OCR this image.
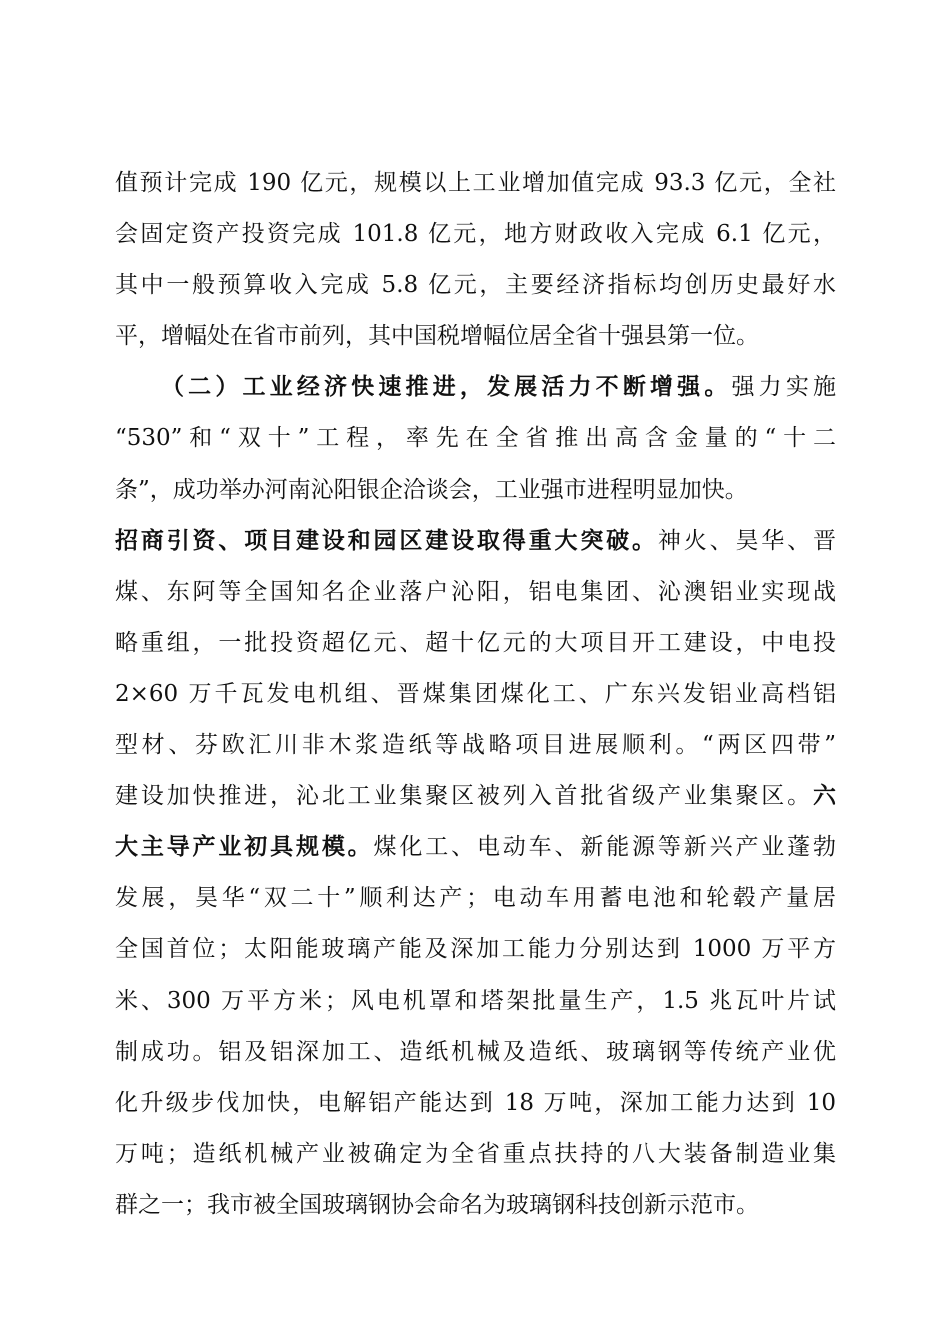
值预计完成 190 亿元，规模以上工业增加值完成 93.3 亿元，全社
会固定资产投资完成 101.8 亿元，地方财政收入完成 6.1 亿元，
其中一般预算收入完成 5.8 亿元，主要经济指标均创历史最好水
平，增幅处在省市前列，其中国税增幅位居全省十强县第一位。
（二）工业经济快速推进，发展活力不断增强。强力实施
“530”和“双十”工程，率先在全省推出高含金量的“十二
条”，成功举办河南沁阳银企洽谈会，工业强市进程明显加快。
招商引资、项目建设和园区建设取得重大突破。神火、昊华、晋
煤、东阿等全国知名企业落户沁阳，铝电集团、沁澳铝业实现战
略重组，一批投资超亿元、超十亿元的大项目开工建设，中电投
2×60 万千瓦发电机组、晋煤集团煤化工、广东兴发铝业高档铝
型材、芬欧汇川非木浆造纸等战略项目进展顺利。“两区四带”
建设加快推进，沁北工业集聚区被列入首批省级产业集聚区。六
大主导产业初具规模。煤化工、电动车、新能源等新兴产业蓬勃
发展，昊华“双二十”顺利达产；电动车用蓄电池和轮毂产量居
全国首位；太阳能玻璃产能及深加工能力分别达到 1000 万平方
米、300 万平方米；风电机罩和塔架批量生产，1.5 兆瓦叶片试
制成功。铝及铝深加工、造纸机械及造纸、玻璃钢等传统产业优
化升级步伐加快，电解铝产能达到 18 万吨，深加工能力达到 10
万吨；造纸机械产业被确定为全省重点扶持的八大装备制造业集
群之一；我市被全国玻璃钢协会命名为玻璃钢科技创新示范市。
